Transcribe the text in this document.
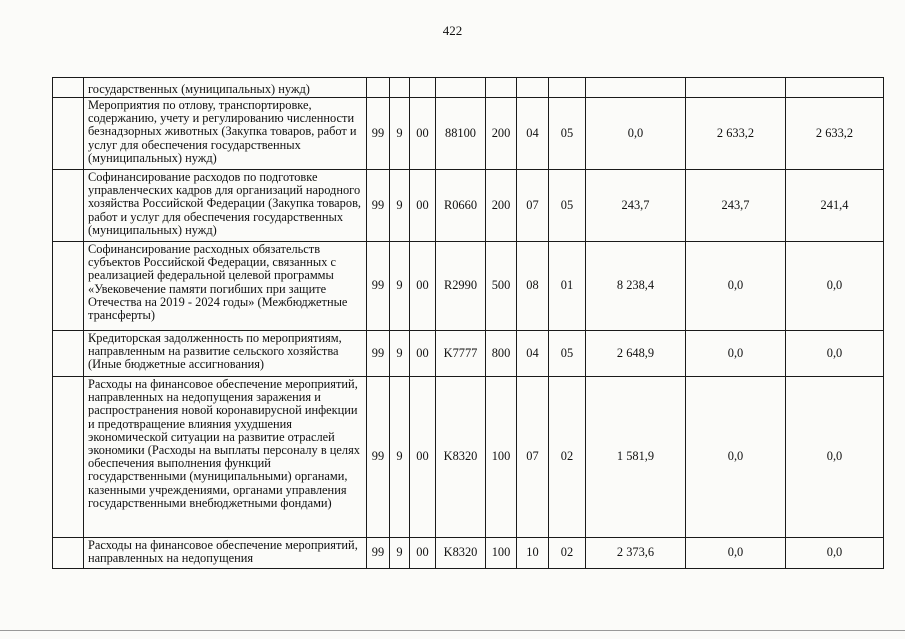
422
	государственных (муниципальных) нужд)										
	Мероприятия по отлову, транспортировке, содержанию, учету и регулированию численности безнадзорных животных (Закупка товаров, работ и услуг для обеспечения государственных (муниципальных) нужд)	99	9	00	88100	200	04	05	0,0	2 633,2	2 633,2
	Софинансирование расходов по подготовке управленческих кадров для организаций народного хозяйства Российской Федерации (Закупка товаров, работ и услуг для обеспечения государственных (муниципальных) нужд)	99	9	00	R0660	200	07	05	243,7	243,7	241,4
	Софинансирование расходных обязательств субъектов Российской Федерации, связанных с реализацией федеральной целевой программы «Увековечение памяти погибших при защите Отечества на 2019 - 2024 годы» (Межбюджетные трансферты)	99	9	00	R2990	500	08	01	8 238,4	0,0	0,0
	Кредиторская задолженность по мероприятиям, направленным на развитие сельского хозяйства (Иные бюджетные ассигнования)	99	9	00	K7777	800	04	05	2 648,9	0,0	0,0
	Расходы на финансовое обеспечение мероприятий, направленных на недопущения заражения и распространения новой коронавирусной инфекции и предотвращение влияния ухудшения экономической ситуации на развитие отраслей экономики (Расходы на выплаты персоналу в целях обеспечения выполнения функций государственными (муниципальными) органами, казенными учреждениями, органами управления государственными внебюджетными фондами)	99	9	00	K8320	100	07	02	1 581,9	0,0	0,0
	Расходы на финансовое обеспечение мероприятий, направленных на недопущения	99	9	00	K8320	100	10	02	2 373,6	0,0	0,0
